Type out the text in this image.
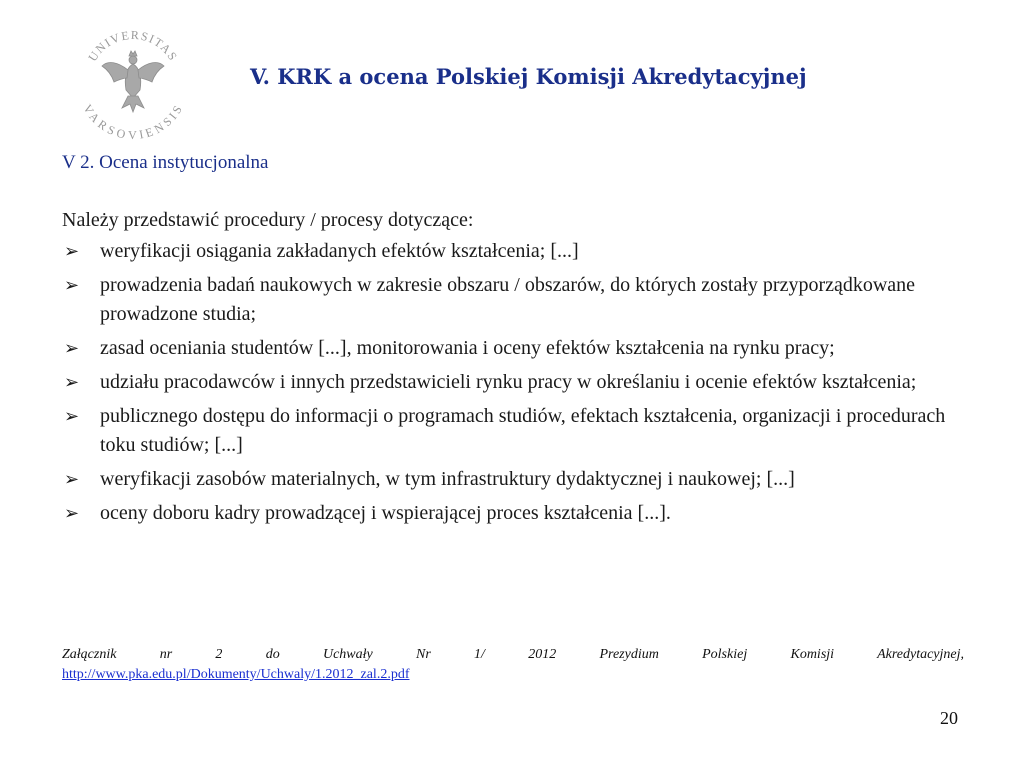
UNIVERSITAS
VARSOVIENSIS
V. KRK a ocena Polskiej Komisji Akredytacyjnej
V 2. Ocena instytucjonalna

Należy przedstawić procedury / procesy dotyczące:

➢ weryfikacji osiągania zakładanych efektów kształcenia; [...]
➢ prowadzenia badań naukowych w zakresie obszaru / obszarów, do których zostały przyporządkowane prowadzone studia;
➢ zasad oceniania studentów [...], monitorowania i oceny efektów kształcenia na rynku pracy;
➢ udziału pracodawców i innych przedstawicieli rynku pracy w określaniu i ocenie efektów kształcenia;
➢ publicznego dostępu do informacji o programach studiów, efektach kształcenia, organizacji i procedurach toku studiów; [...]
➢ weryfikacji zasobów materialnych, w tym infrastruktury dydaktycznej i naukowej; [...]
➢ oceny doboru kadry prowadzącej i wspierającej proces kształcenia [...].
Załącznik nr 2 do Uchwały Nr 1/ 2012 Prezydium Polskiej Komisji Akredytacyjnej,
http://www.pka.edu.pl/Dokumenty/Uchwaly/1.2012_zal.2.pdf
20
